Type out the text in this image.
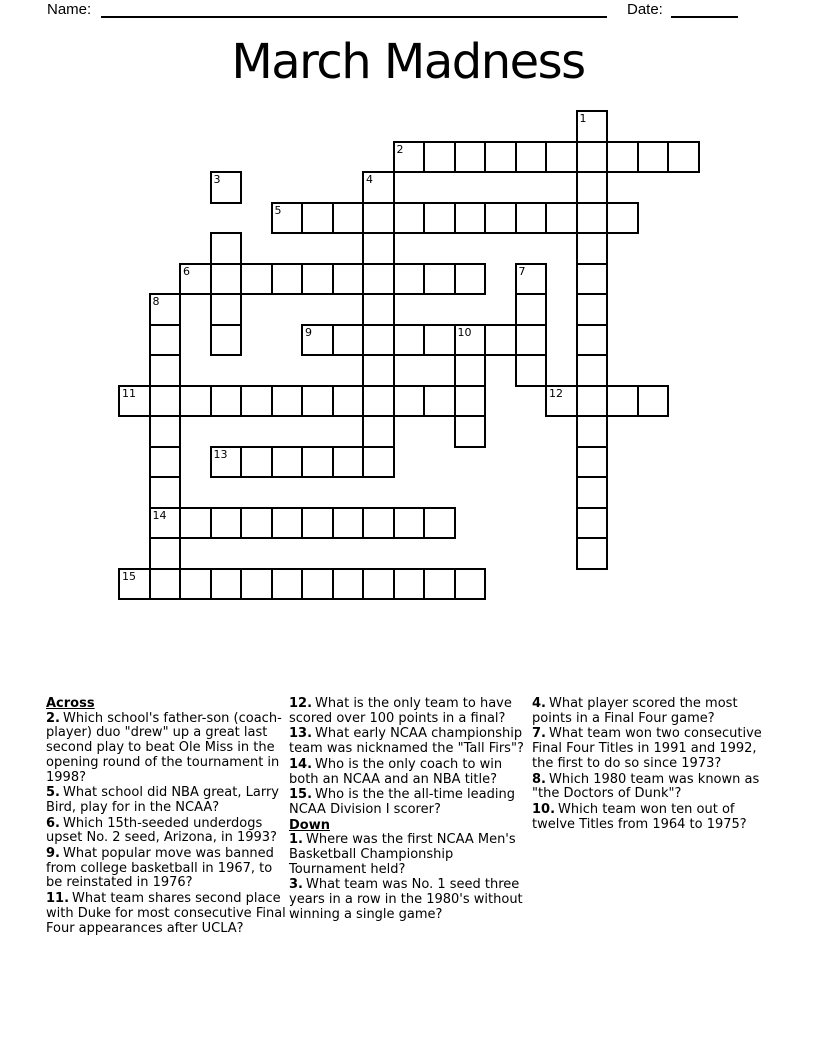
Name:	Date:
March Madness
1
2
3	4
5
6	7
8
9	10
11	12
13
14
15
Across
2. Which school's father-son (coach-player) duo "drew" up a great last second play to beat Ole Miss in the opening round of the tournament in 1998?
5. What school did NBA great, Larry Bird, play for in the NCAA?
6. Which 15th-seeded underdogs upset No. 2 seed, Arizona, in 1993?
9. What popular move was banned from college basketball in 1967, to be reinstated in 1976?
11. What team shares second place with Duke for most consecutive Final Four appearances after UCLA?
12. What is the only team to have scored over 100 points in a final?
13. What early NCAA championship team was nicknamed the "Tall Firs"?
14. Who is the only coach to win both an NCAA and an NBA title?
15. Who is the the all-time leading NCAA Division I scorer?
Down
1. Where was the first NCAA Men's Basketball Championship Tournament held?
3. What team was No. 1 seed three years in a row in the 1980's without winning a single game?
4. What player scored the most points in a Final Four game?
7. What team won two consecutive Final Four Titles in 1991 and 1992, the first to do so since 1973?
8. Which 1980 team was known as "the Doctors of Dunk"?
10. Which team won ten out of twelve Titles from 1964 to 1975?
